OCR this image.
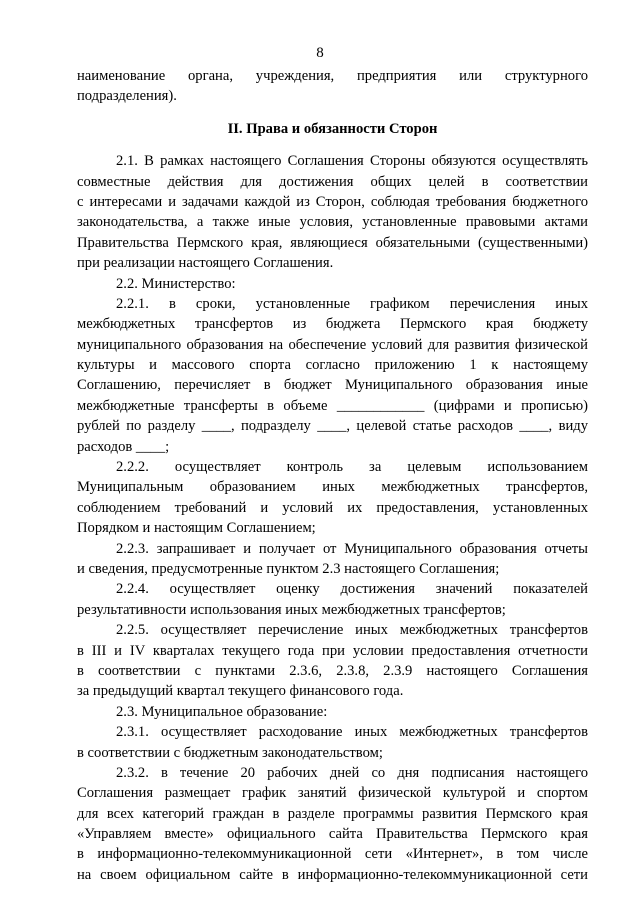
8
наименование органа, учреждения, предприятия или структурного
подразделения).
II. Права и обязанности Сторон
2.1. В рамках настоящего Соглашения Стороны обязуются осуществлять
совместные действия для достижения общих целей в соответствии
с интересами и задачами каждой из Сторон, соблюдая требования бюджетного
законодательства, а также иные условия, установленные правовыми актами
Правительства Пермского края, являющиеся обязательными (существенными)
при реализации настоящего Соглашения.
2.2. Министерство:
2.2.1. в сроки, установленные графиком перечисления иных
межбюджетных трансфертов из бюджета Пермского края бюджету
муниципального образования на обеспечение условий для развития физической
культуры и массового спорта согласно приложению 1 к настоящему
Соглашению, перечисляет в бюджет Муниципального образования иные
межбюджетные трансферты в объеме ____________ (цифрами и прописью)
рублей по разделу ____, подразделу ____, целевой статье расходов ____, виду
расходов ____;
2.2.2. осуществляет контроль за целевым использованием
Муниципальным образованием иных межбюджетных трансфертов,
соблюдением требований и условий их предоставления, установленных
Порядком и настоящим Соглашением;
2.2.3. запрашивает и получает от Муниципального образования отчеты
и сведения, предусмотренные пунктом 2.3 настоящего Соглашения;
2.2.4. осуществляет оценку достижения значений показателей
результативности использования иных межбюджетных трансфертов;
2.2.5. осуществляет перечисление иных межбюджетных трансфертов
в III и IV кварталах текущего года при условии предоставления отчетности
в соответствии с пунктами 2.3.6, 2.3.8, 2.3.9 настоящего Соглашения
за предыдущий квартал текущего финансового года.
2.3. Муниципальное образование:
2.3.1. осуществляет расходование иных межбюджетных трансфертов
в соответствии с бюджетным законодательством;
2.3.2. в течение 20 рабочих дней со дня подписания настоящего
Соглашения размещает график занятий физической культурой и спортом
для всех категорий граждан в разделе программы развития Пермского края
«Управляем вместе» официального сайта Правительства Пермского края
в информационно-телекоммуникационной сети «Интернет», в том числе
на своем официальном сайте в информационно-телекоммуникационной сети
